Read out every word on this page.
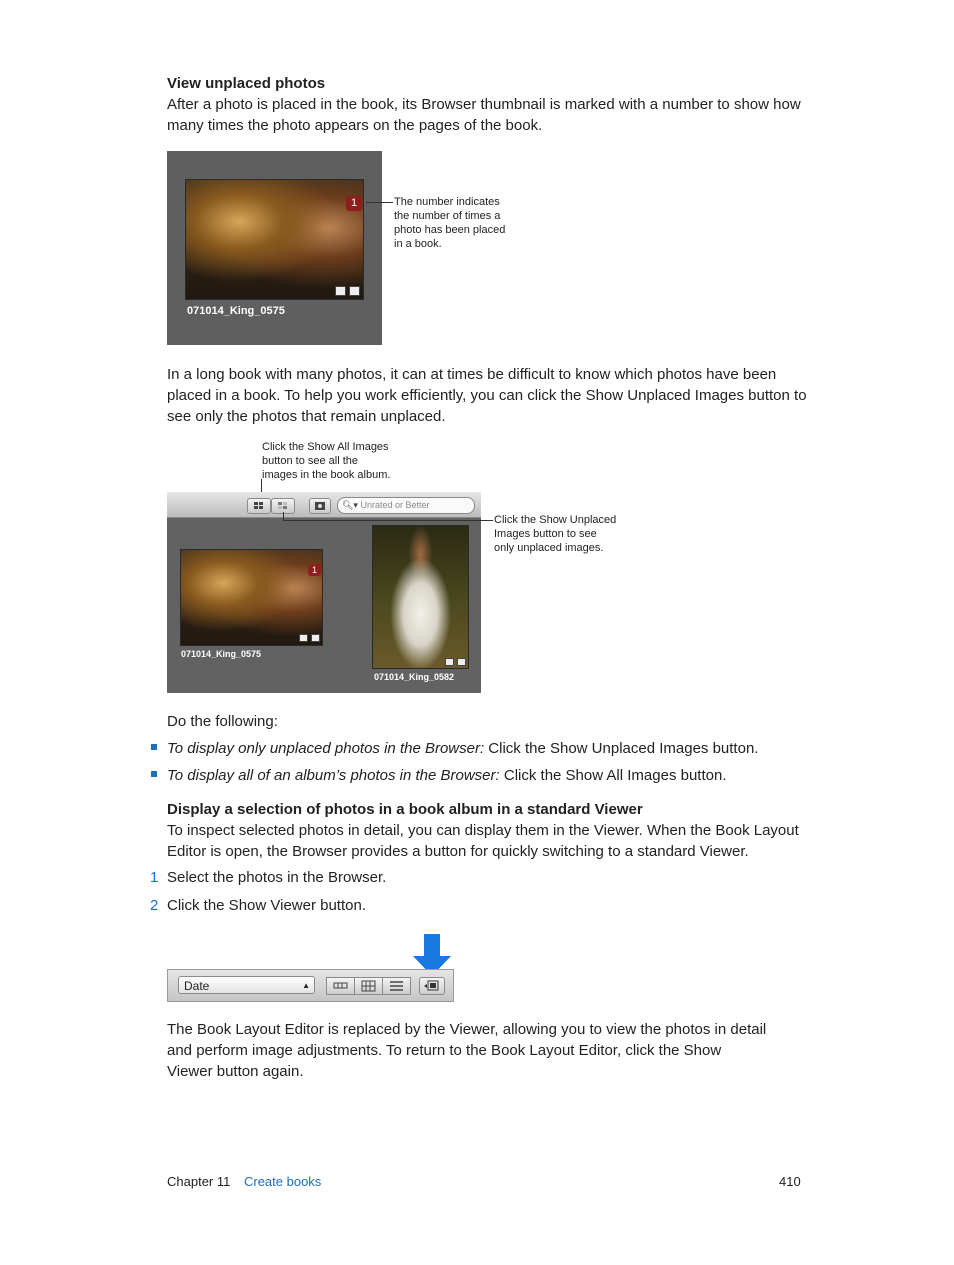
View unplaced photos
After a photo is placed in the book, its Browser thumbnail is marked with a number to show how many times the photo appears on the pages of the book.
1
071014_King_0575
The number indicates
the number of times a
photo has been placed
in a book.
In a long book with many photos, it can at times be difficult to know which photos have been placed in a book. To help you work efficiently, you can click the Show Unplaced Images button to see only the photos that remain unplaced.
Click the Show All Images
button to see all the
images in the book album.
🔍︎▾ Unrated or Better
1
071014_King_0575
071014_King_0582
Click the Show Unplaced
Images button to see
only unplaced images.
Do the following:
To display only unplaced photos in the Browser: Click the Show Unplaced Images button.
To display all of an album’s photos in the Browser: Click the Show All Images button.
Display a selection of photos in a book album in a standard Viewer
To inspect selected photos in detail, you can display them in the Viewer. When the Book Layout Editor is open, the Browser provides a button for quickly switching to a standard Viewer.
1 Select the photos in the Browser.
2 Click the Show Viewer button.
Date	▲

The Book Layout Editor is replaced by the Viewer, allowing you to view the photos in detail and perform image adjustments. To return to the Book Layout Editor, click the Show Viewer button again.
Chapter 11 Create books	410
